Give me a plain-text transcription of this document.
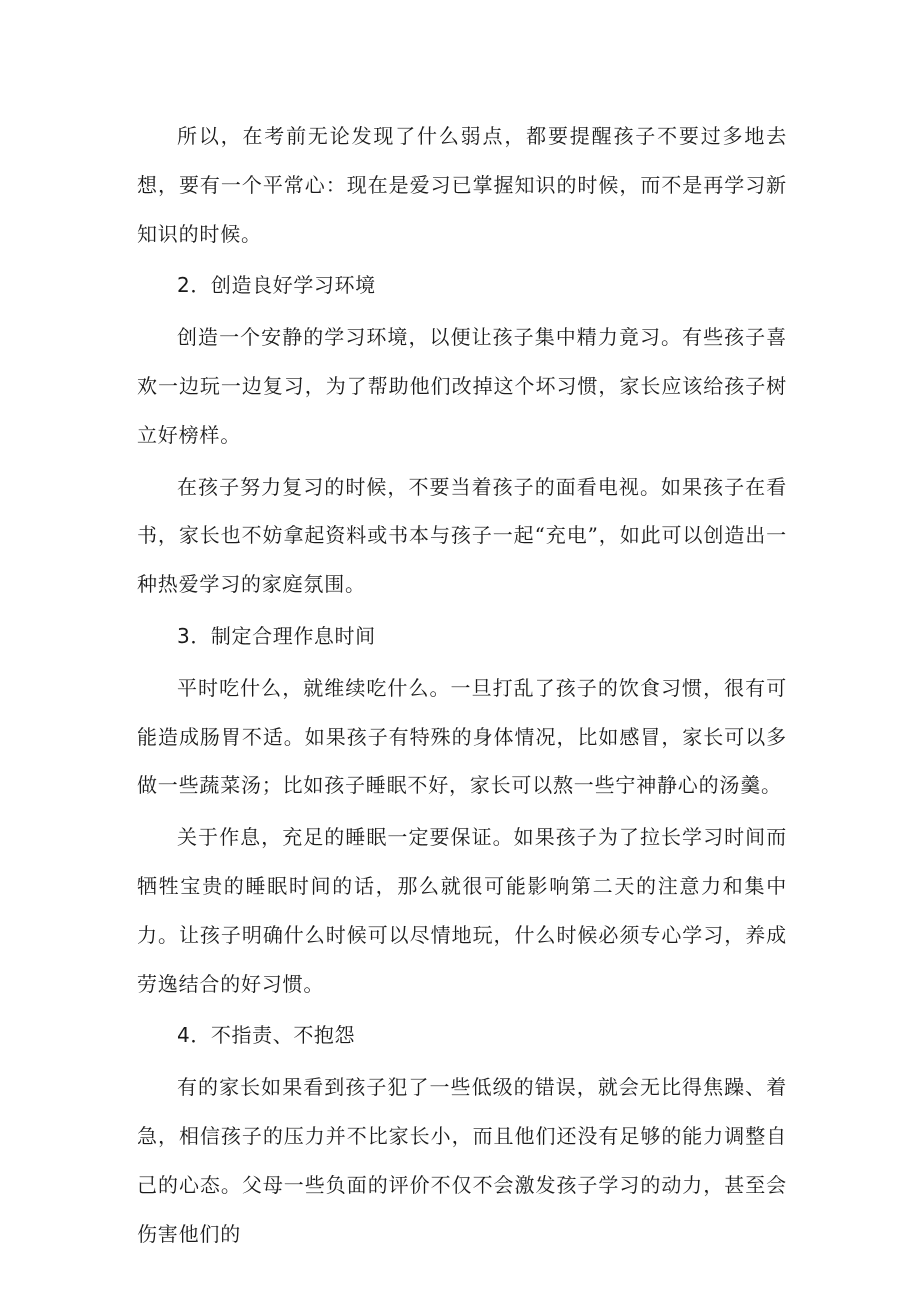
所以，在考前无论发现了什么弱点，都要提醒孩子不要过多地去想，要有一个平常心：现在是爱习已掌握知识的时候，而不是再学习新知识的时候。

2．创造良好学习环境

创造一个安静的学习环境，以便让孩子集中精力竟习。有些孩子喜欢一边玩一边复习，为了帮助他们改掉这个坏习惯，家长应该给孩子树立好榜样。

在孩子努力复习的时候，不要当着孩子的面看电视。如果孩子在看书，家长也不妨拿起资料或书本与孩子一起“充电”，如此可以创造出一种热爱学习的家庭氛围。

3．制定合理作息时间

平时吃什么，就维续吃什么。一旦打乱了孩子的饮食习惯，很有可能造成肠胃不适。如果孩子有特殊的身体情况，比如感冒，家长可以多做一些蔬菜汤；比如孩子睡眠不好，家长可以熬一些宁神静心的汤羹。

关于作息，充足的睡眠一定要保证。如果孩子为了拉长学习时间而牺牲宝贵的睡眠时间的话，那么就很可能影响第二天的注意力和集中力。让孩子明确什么时候可以尽情地玩，什么时候必须专心学习，养成劳逸结合的好习惯。

4．不指责、不抱怨

有的家长如果看到孩子犯了一些低级的错误，就会无比得焦躁、着急，相信孩子的压力并不比家长小，而且他们还没有足够的能力调整自己的心态。父母一些负面的评价不仅不会激发孩子学习的动力，甚至会伤害他们的
